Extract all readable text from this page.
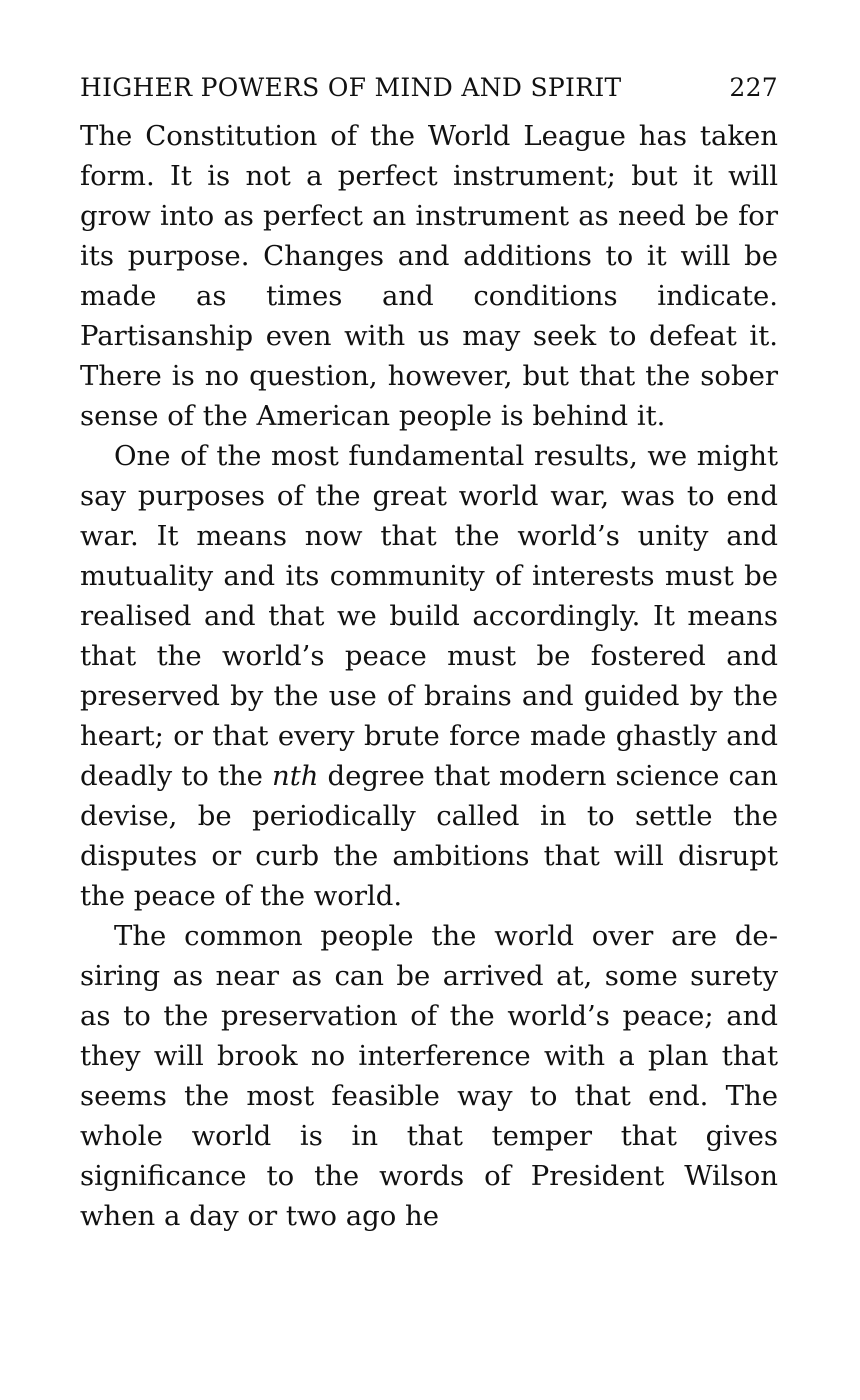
HIGHER POWERS OF MIND AND SPIRIT	227

The Constitution of the World League has taken form. It is not a perfect instrument; but it will grow into as perfect an instrument as need be for its purpose. Changes and additions to it will be made as times and conditions indicate. Partisanship even with us may seek to defeat it. There is no question, however, but that the sober sense of the American people is behind it.

One of the most fundamental results, we might say purposes of the great world war, was to end war. It means now that the world’s unity and mutuality and its community of interests must be realised and that we build accordingly. It means that the world’s peace must be fostered and preserved by the use of brains and guided by the heart; or that every brute force made ghastly and deadly to the nth degree that modern science can devise, be periodically called in to settle the disputes or curb the ambitions that will disrupt the peace of the world.

The common people the world over are desiring as near as can be arrived at, some surety as to the preservation of the world’s peace; and they will brook no interference with a plan that seems the most feasible way to that end. The whole world is in that temper that gives significance to the words of President Wilson when a day or two ago he
